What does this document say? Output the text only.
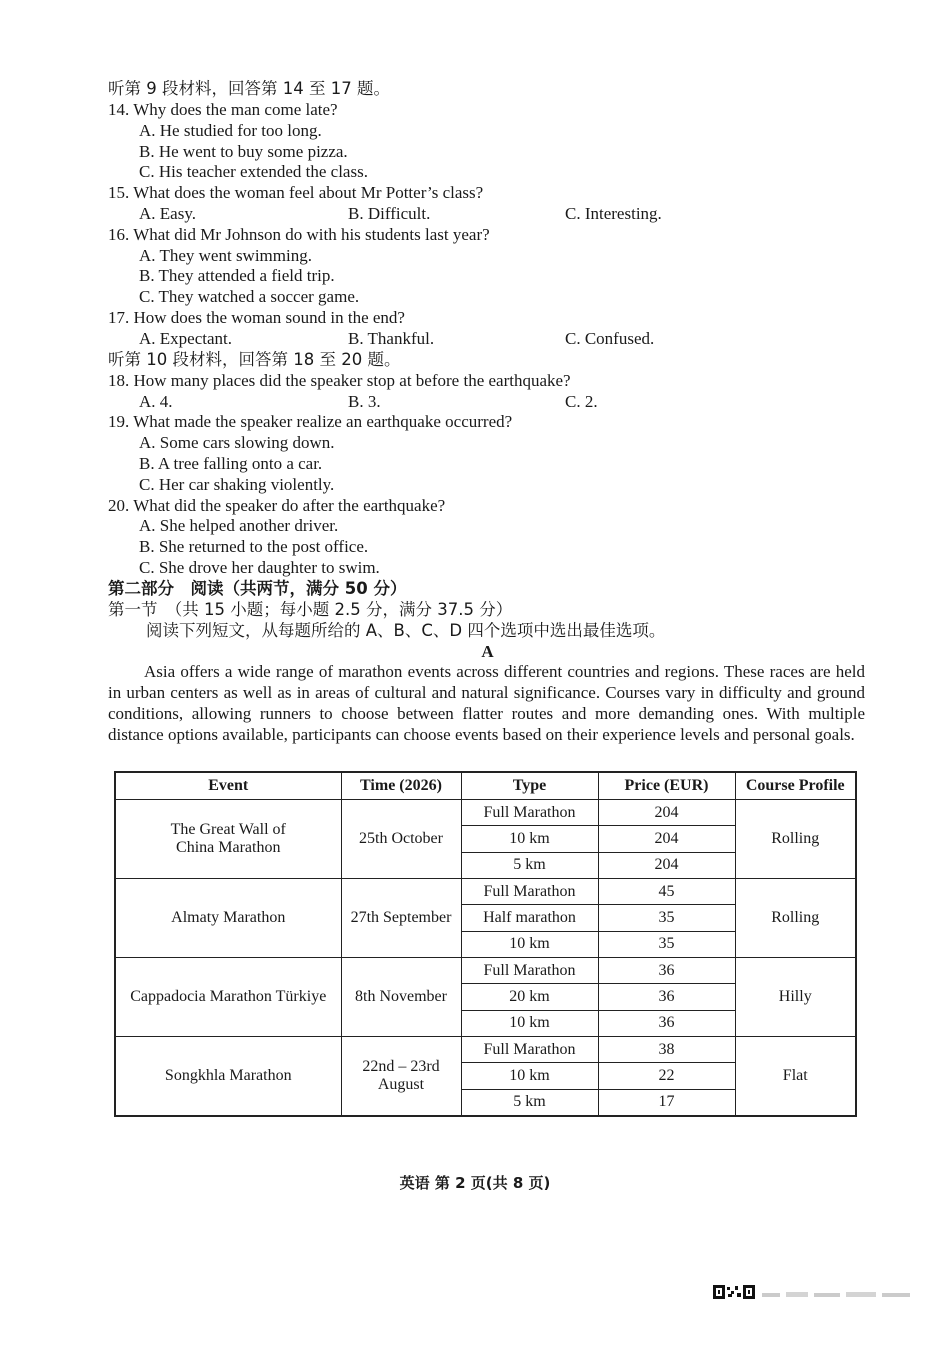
听第 9 段材料，回答第 14 至 17 题。
14. Why does the man come late?
A. He studied for too long.
B. He went to buy some pizza.
C. His teacher extended the class.
15. What does the woman feel about Mr Potter’s class?
A. Easy.	B. Difficult.	C. Interesting.
16. What did Mr Johnson do with his students last year?
A. They went swimming.
B. They attended a field trip.
C. They watched a soccer game.
17. How does the woman sound in the end?
A. Expectant.	B. Thankful.	C. Confused.
听第 10 段材料，回答第 18 至 20 题。
18. How many places did the speaker stop at before the earthquake?
A. 4.	B. 3.	C. 2.
19. What made the speaker realize an earthquake occurred?
A. Some cars slowing down.
B. A tree falling onto a car.
C. Her car shaking violently.
20. What did the speaker do after the earthquake?
A. She helped another driver.
B. She returned to the post office.
C. She drove her daughter to swim.
第二部分　阅读（共两节，满分 50 分）
第一节　（共 15 小题；每小题 2.5 分，满分 37.5 分）
阅读下列短文，从每题所给的 A、B、C、D 四个选项中选出最佳选项。
A
Asia offers a wide range of marathon events across different countries and regions. These races are held in urban centers as well as in areas of cultural and natural significance. Courses vary in difficulty and ground conditions, allowing runners to choose between flatter routes and more demanding ones. With multiple distance options available, participants can choose events based on their experience levels and personal goals.
Event	Time (2026)	Type	Price (EUR)	Course Profile
The Great Wall of China Marathon	25th October	Full Marathon	204	Rolling
		10 km	204	
		5 km	204	
Almaty Marathon	27th September	Full Marathon	45	Rolling
		Half marathon	35	
		10 km	35	
Cappadocia Marathon Türkiye	8th November	Full Marathon	36	Hilly
		20 km	36	
		10 km	36	
Songkhla Marathon	22nd – 23rd August	Full Marathon	38	Flat
		10 km	22	
		5 km	17	
英语 第 2 页(共 8 页)
